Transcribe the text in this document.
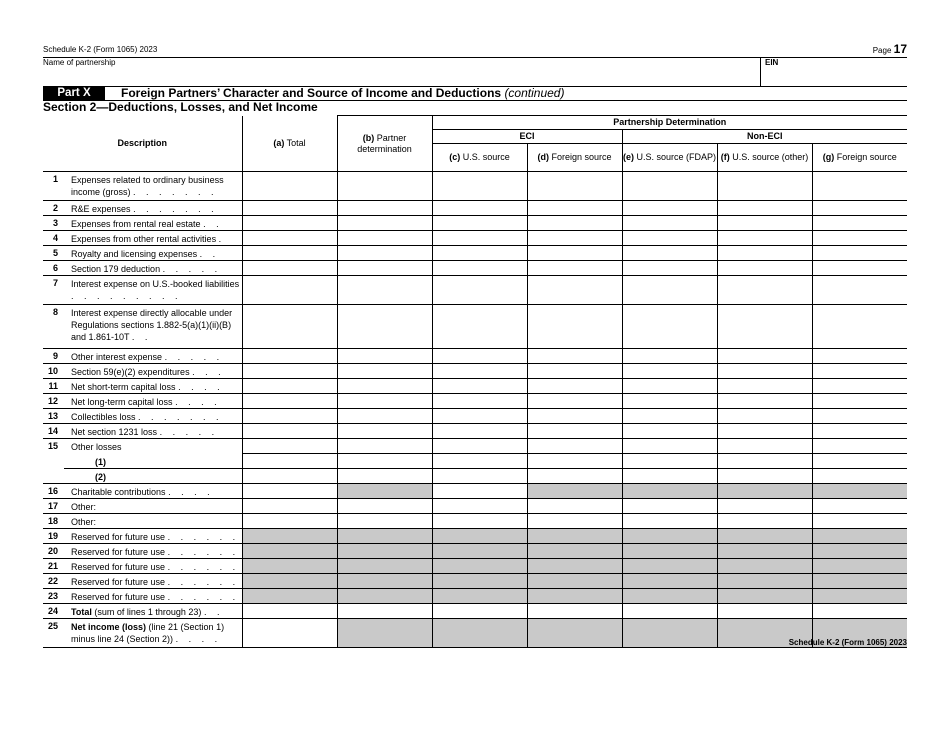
Schedule K-2 (Form 1065) 2023	Page 17
Name of partnership	EIN
Part X	Foreign Partners’ Character and Source of Income and Deductions (continued)
Section 2—Deductions, Losses, and Net Income
Description		(a) Total	(b) Partner determination	Partnership Determination				
				ECI		Non-ECI		
				(c) U.S. source	(d) Foreign source	(e) U.S. source (FDAP)	(f) U.S. source (other)	(g) Foreign source
1	Expenses related to ordinary business income (gross) . . . . . . .							
2	R&E expenses . . . . . . .							
3	Expenses from rental real estate . .							
4	Expenses from other rental activities .							
5	Royalty and licensing expenses . .							
6	Section 179 deduction . . . . .							
7	Interest expense on U.S.-booked liabilities . . . . . . . . .							
8	Interest expense directly allocable under Regulations sections 1.882-5(a)(1)(ii)(B) and 1.861-10T . .							
9	Other interest expense . . . . .							
10	Section 59(e)(2) expenditures . . .							
11	Net short-term capital loss . . . .							
12	Net long-term capital loss . . . .							
13	Collectibles loss . . . . . . .							
14	Net section 1231 loss . . . . .							
15	Other losses							
	(1)							
	(2)							
16	Charitable contributions . . . .							
17	Other:							
18	Other:							
19	Reserved for future use . . . . . .							
20	Reserved for future use . . . . . .							
21	Reserved for future use . . . . . .							
22	Reserved for future use . . . . . .							
23	Reserved for future use . . . . . .							
24	Total (sum of lines 1 through 23) . .							
25	Net income (loss) (line 21 (Section 1) minus line 24 (Section 2)) . . . .								Schedule K-2 (Form 1065) 2023
